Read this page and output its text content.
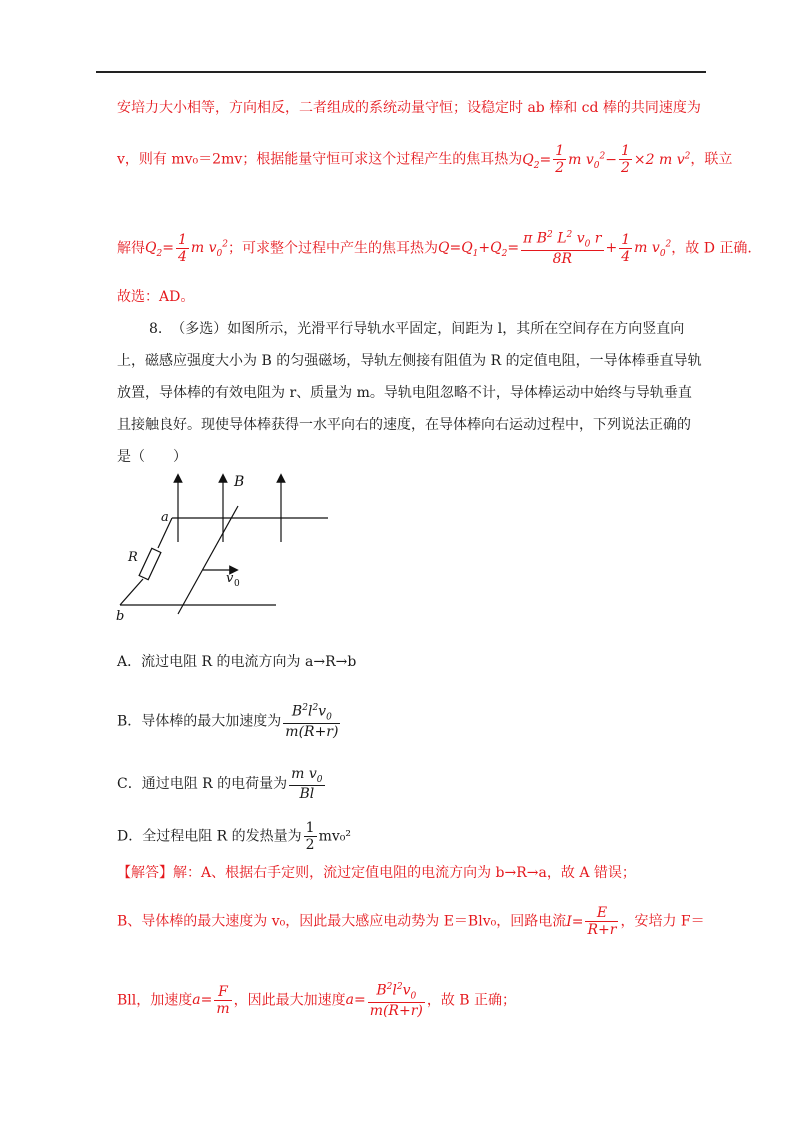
安培力大小相等，方向相反，二者组成的系统动量守恒；设稳定时 ab 棒和 cd 棒的共同速度为
v，则有 mv₀＝2mv；根据能量守恒可求这个过程产生的焦耳热为$Q_2= \frac{1}{2}$ m $v_0^2- \frac{1}{2} \times 2$ m $v^2$，联立
解得$Q_2= \frac{1}{4}$ m $v_0^2$；可求整个过程中产生的焦耳热为$Q=Q_1+Q_2= \frac{\pi B^2 L^2 v_0 r}{8R} + \frac{1}{4}$ m $v_0^2$，故 D 正确.
故选：AD。
8. （多选）如图所示，光滑平行导轨水平固定，间距为 l，其所在空间存在方向竖直向
上，磁感应强度大小为 B 的匀强磁场，导轨左侧接有阻值为 R 的定值电阻，一导体棒垂直导轨
放置，导体棒的有效电阻为 r、质量为 m。导轨电阻忽略不计，导体棒运动中始终与导轨垂直
且接触良好。现使导体棒获得一水平向右的速度，在导体棒向右运动过程中，下列说法正确的
是（　　）
B
a
b
R
v 0
A．流过电阻 R 的电流方向为 a→R→b
B．导体棒的最大加速度为 $\frac{B^2l^2v_0}{m(R+r)}$
C．通过电阻 R 的电荷量为 $\frac{m v_0}{Bl}$
D．全过程电阻 R 的发热量为 $\frac{1}{2} mv_0^2$
【解答】解：A、根据右手定则，流过定值电阻的电流方向为 b→R→a，故 A 错误；
B、导体棒的最大速度为 v₀，因此最大感应电动势为 E＝Blv₀，回路电流$I= \frac{E}{R+r}$ ，安培力 F＝
Bll，加速度$a= \frac{F}{m}$ ，因此最大加速度$a= \frac{B^2l^2v_0}{m(R+r)}$ ，故 B 正确；
